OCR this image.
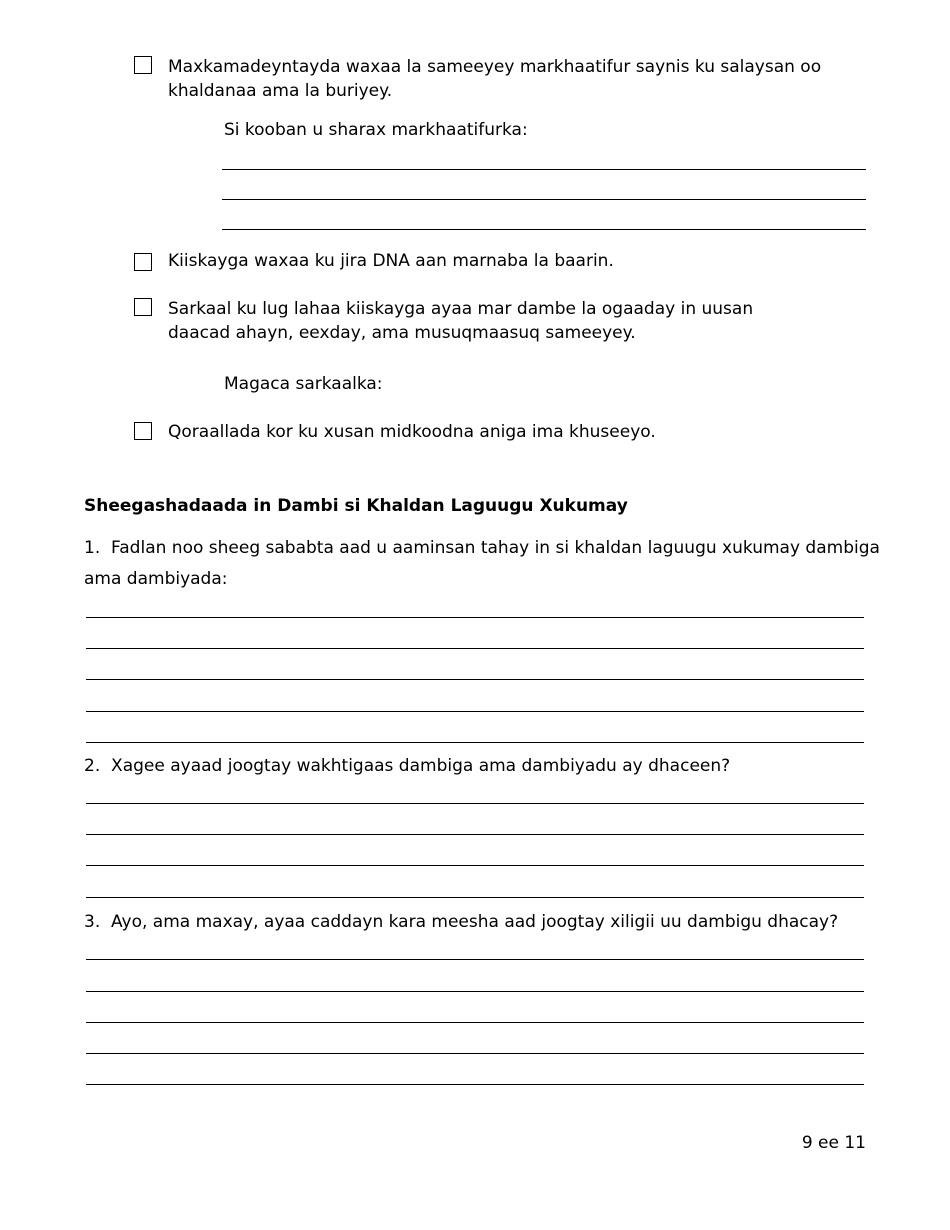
Maxkamadeyntayda waxaa la sameeyey markhaatifur saynis ku salaysan oo
khaldanaa ama la buriyey.
Si kooban u sharax markhaatifurka:
Kiiskayga waxaa ku jira DNA aan marnaba la baarin.
Sarkaal ku lug lahaa kiiskayga ayaa mar dambe la ogaaday in uusan
daacad ahayn, eexday, ama musuqmaasuq sameeyey.
Magaca sarkaalka:
Qoraallada kor ku xusan midkoodna aniga ima khuseeyo.
Sheegashadaada in Dambi si Khaldan Laguugu Xukumay
1. Fadlan noo sheeg sababta aad u aaminsan tahay in si khaldan laguugu xukumay dambiga
ama dambiyada:
2. Xagee ayaad joogtay wakhtigaas dambiga ama dambiyadu ay dhaceen?
3. Ayo, ama maxay, ayaa caddayn kara meesha aad joogtay xiligii uu dambigu dhacay?
9 ee 11
